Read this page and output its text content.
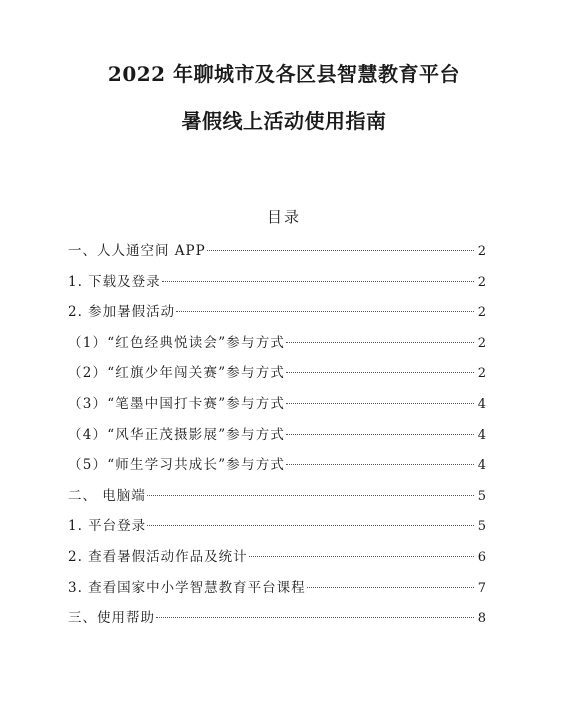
2022 年聊城市及各区县智慧教育平台
暑假线上活动使用指南
目录
一、人人通空间 APP	2
1. 下载及登录	2
2. 参加暑假活动	2
（1）“红色经典悦读会”参与方式	2
（2）“红旗少年闯关赛”参与方式	2
（3）“笔墨中国打卡赛”参与方式	4
（4）“风华正茂摄影展”参与方式	4
（5）“师生学习共成长”参与方式	4
二、 电脑端	5
1. 平台登录	5
2. 查看暑假活动作品及统计	6
3. 查看国家中小学智慧教育平台课程	7
三、使用帮助	8
